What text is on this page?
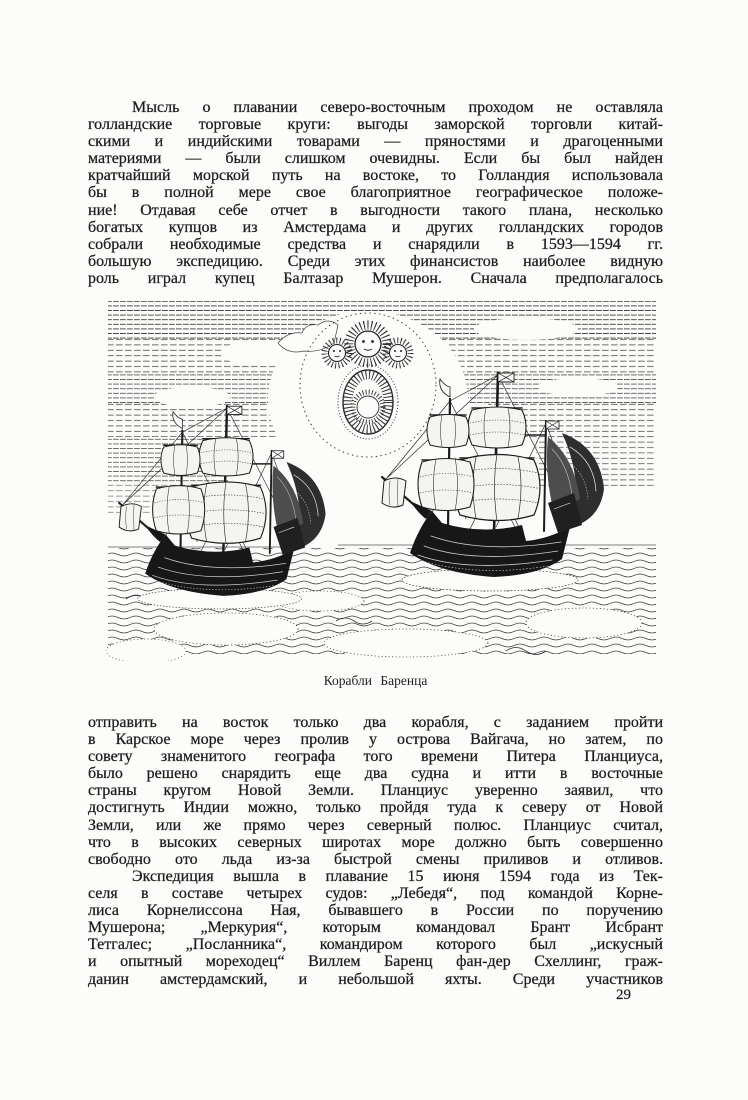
Мысль о плавании северо-восточным проходом не оставляла
голландские торговые круги: выгоды заморской торговли китай-
скими и индийскими товарами — пряностями и драгоценными
материями — были слишком очевидны. Если бы был найден
кратчайший морской путь на востоке, то Голландия использовала
бы в полной мере свое благоприятное географическое положе-
ние! Отдавая себе отчет в выгодности такого плана, несколько
богатых купцов из Амстердама и других голландских городов
собрали необходимые средства и снарядили в 1593—1594 гг.
большую экспедицию. Среди этих финансистов наиболее видную
роль играл купец Балтазар Мушерон. Сначала предполагалось
Корабли Баренца
отправить на восток только два корабля, с заданием пройти
в Карское море через пролив у острова Вайгача, но затем, по
совету знаменитого географа того времени Питера Планциуса,
было решено снарядить еще два судна и итти в восточные
страны кругом Новой Земли. Планциус уверенно заявил, что
достигнуть Индии можно, только пройдя туда к северу от Новой
Земли, или же прямо через северный полюс. Планциус считал,
что в высоких северных широтах море должно быть совершенно
свободно ото льда из-за быстрой смены приливов и отливов.
Экспедиция вышла в плавание 15 июня 1594 года из Тек-
селя в составе четырех судов: „Лебедя“, под командой Корне-
лиса Корнелиссона Ная, бывавшего в России по поручению
Мушерона; „Меркурия“, которым командовал Брант Исбрант
Тетгалес; „Посланника“, командиром которого был „искусный
и опытный мореходец“ Виллем Баренц фан-дер Схеллинг, граж-
данин амстердамский, и небольшой яхты. Среди участников
29
